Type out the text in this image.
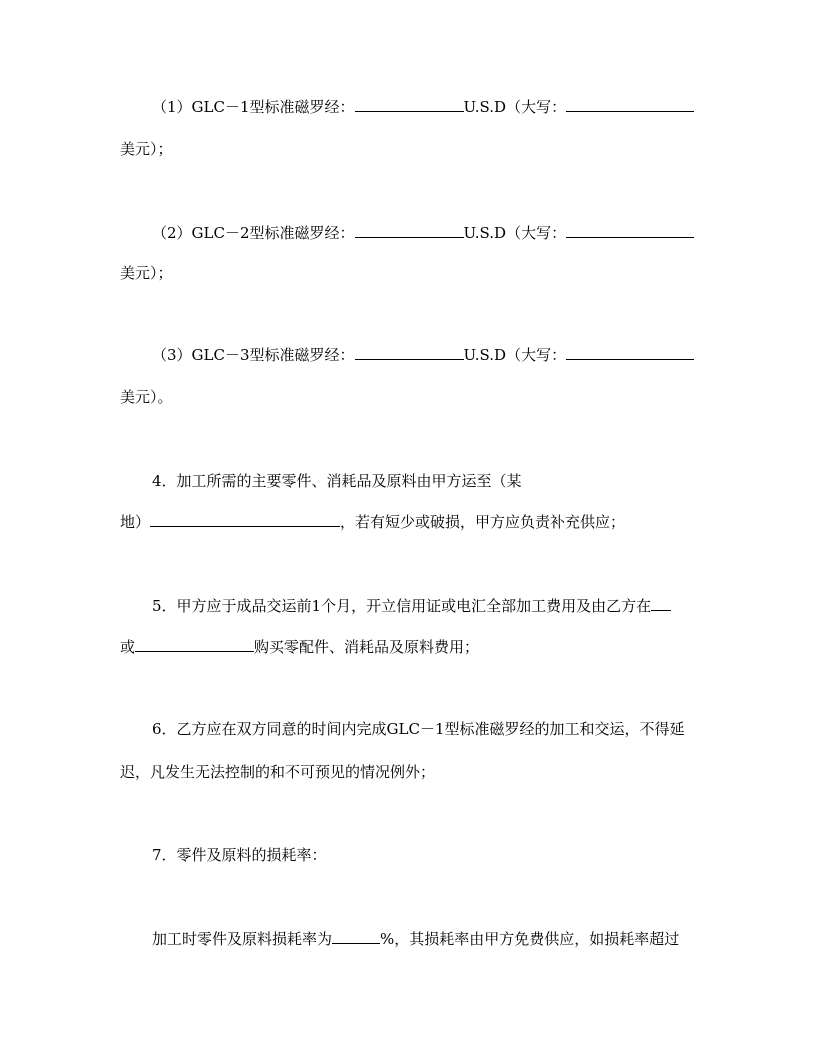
（1）GLC－1型标准磁罗经：	U.S.D（大写：
美元）；
（2）GLC－2型标准磁罗经：	U.S.D（大写：
美元）；
（3）GLC－3型标准磁罗经：	U.S.D（大写：
美元）。
4．加工所需的主要零件、消耗品及原料由甲方运至（某
地）	，若有短少或破损，甲方应负责补充供应；
5．甲方应于成品交运前1个月，开立信用证或电汇全部加工费用及由乙方在
或	购买零配件、消耗品及原料费用；
6．乙方应在双方同意的时间内完成GLC－1型标准磁罗经的加工和交运，不得延
迟，凡发生无法控制的和不可预见的情况例外；
7．零件及原料的损耗率：
加工时零件及原料损耗率为	%，其损耗率由甲方免费供应，如损耗率超过
